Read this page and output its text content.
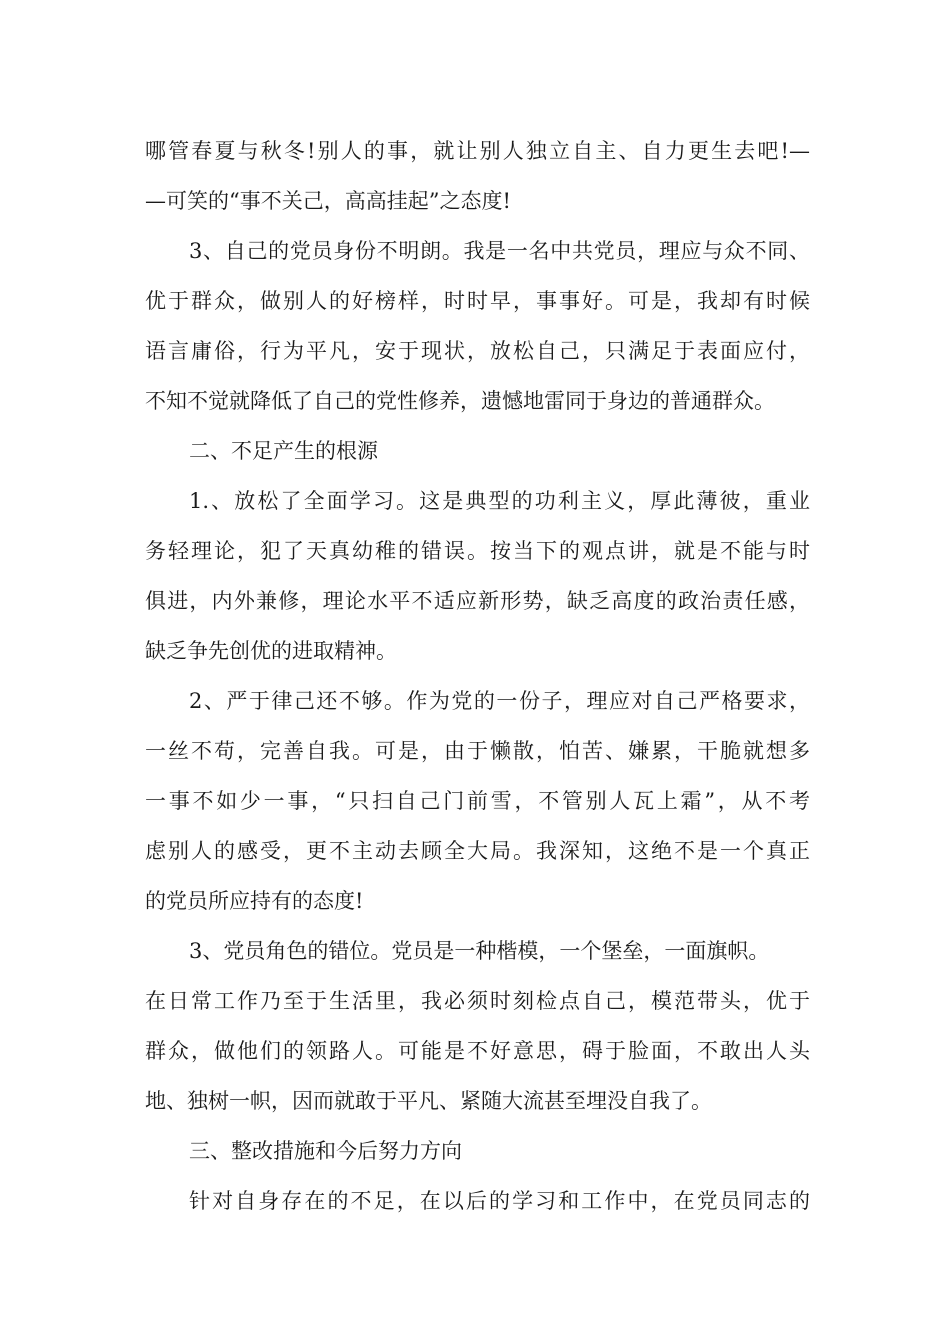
哪管春夏与秋冬!别人的事，就让别人独立自主、自力更生去吧!—
—可笑的“事不关己，高高挂起”之态度!
3、自己的党员身份不明朗。我是一名中共党员，理应与众不同、
优于群众，做别人的好榜样，时时早，事事好。可是，我却有时候
语言庸俗，行为平凡，安于现状，放松自己，只满足于表面应付，
不知不觉就降低了自己的党性修养，遗憾地雷同于身边的普通群众。
二、不足产生的根源
1.、放松了全面学习。这是典型的功利主义，厚此薄彼，重业
务轻理论，犯了天真幼稚的错误。按当下的观点讲，就是不能与时
俱进，内外兼修，理论水平不适应新形势，缺乏高度的政治责任感，
缺乏争先创优的进取精神。
2、严于律己还不够。作为党的一份子，理应对自己严格要求，
一丝不苟，完善自我。可是，由于懒散，怕苦、嫌累，干脆就想多
一事不如少一事，“只扫自己门前雪，不管别人瓦上霜”，从不考
虑别人的感受，更不主动去顾全大局。我深知，这绝不是一个真正
的党员所应持有的态度!
3、党员角色的错位。党员是一种楷模，一个堡垒，一面旗帜。
在日常工作乃至于生活里，我必须时刻检点自己，模范带头，优于
群众，做他们的领路人。可能是不好意思，碍于脸面，不敢出人头
地、独树一帜，因而就敢于平凡、紧随大流甚至埋没自我了。
三、整改措施和今后努力方向
针对自身存在的不足，在以后的学习和工作中，在党员同志的
